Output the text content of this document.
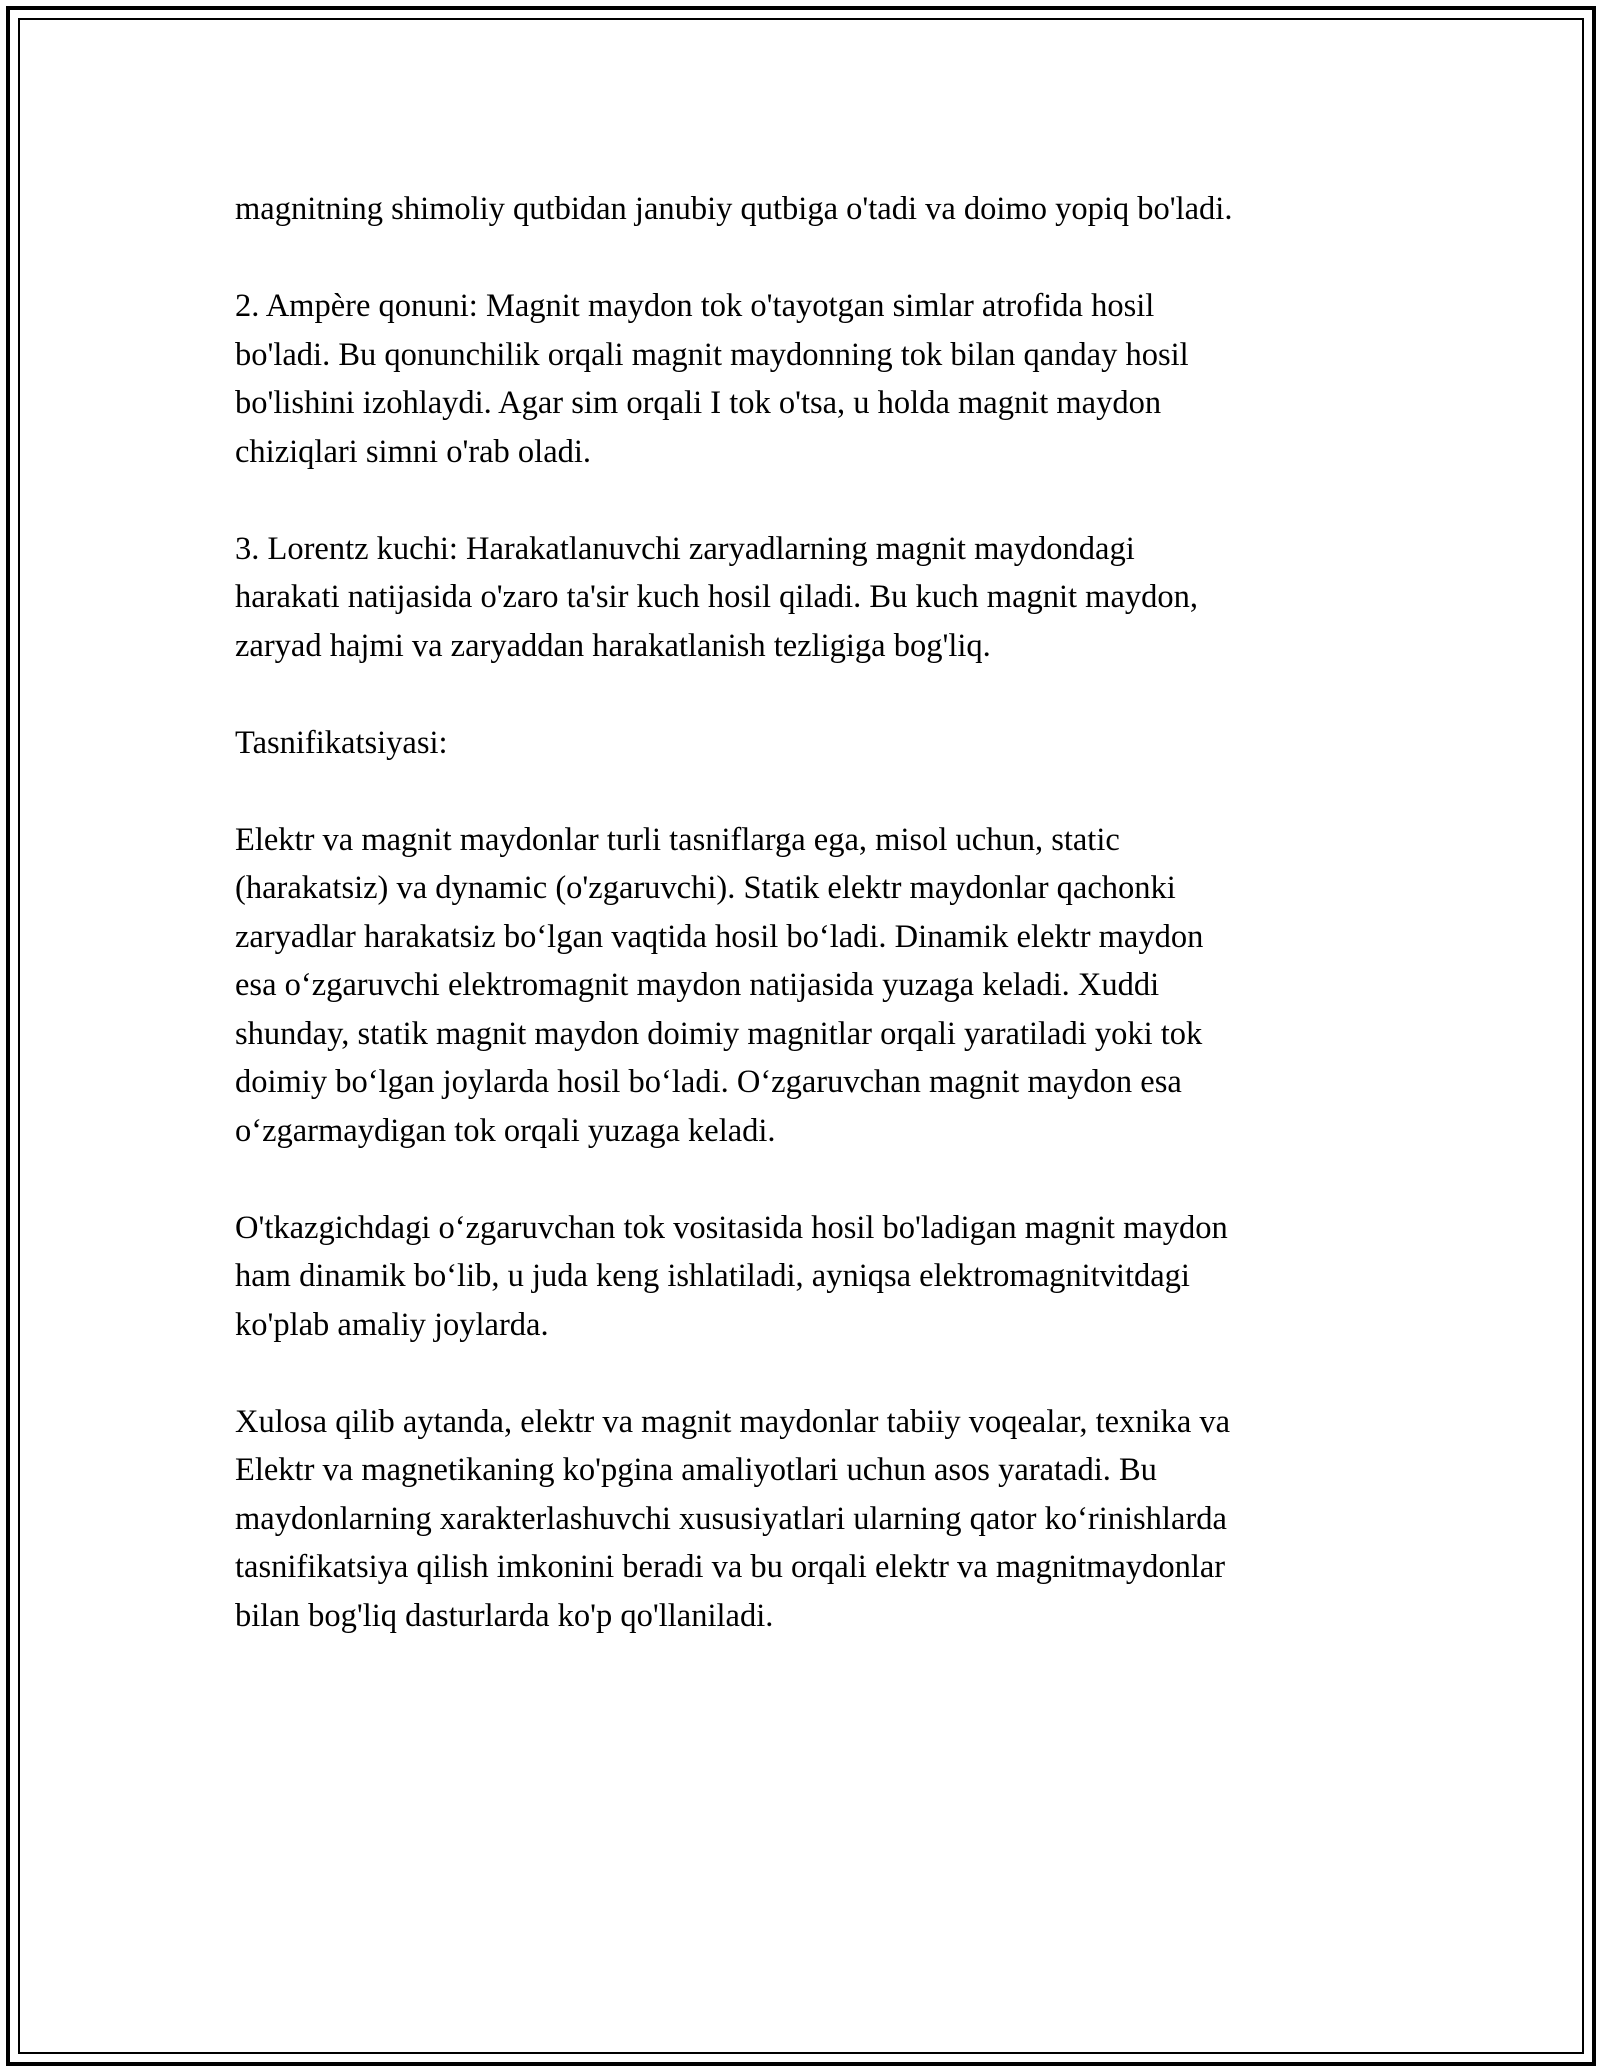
magnitning shimoliy qutbidan janubiy qutbiga o'tadi va doimo yopiq bo'ladi.

2. Ampère qonuni: Magnit maydon tok o'tayotgan simlar atrofida hosil
bo'ladi. Bu qonunchilik orqali magnit maydonning tok bilan qanday hosil
bo'lishini izohlaydi. Agar sim orqali I tok o'tsa, u holda magnit maydon
chiziqlari simni o'rab oladi.

3. Lorentz kuchi: Harakatlanuvchi zaryadlarning magnit maydondagi
harakati natijasida o'zaro ta'sir kuch hosil qiladi. Bu kuch magnit maydon,
zaryad hajmi va zaryaddan harakatlanish tezligiga bog'liq.

Tasnifikatsiyasi:

Elektr va magnit maydonlar turli tasniflarga ega, misol uchun, static
(harakatsiz) va dynamic (o'zgaruvchi). Statik elektr maydonlar qachonki
zaryadlar harakatsiz boʻlgan vaqtida hosil boʻladi. Dinamik elektr maydon
esa oʻzgaruvchi elektromagnit maydon natijasida yuzaga keladi. Xuddi
shunday, statik magnit maydon doimiy magnitlar orqali yaratiladi yoki tok
doimiy boʻlgan joylarda hosil boʻladi. Oʻzgaruvchan magnit maydon esa
oʻzgarmaydigan tok orqali yuzaga keladi.

O'tkazgichdagi oʻzgaruvchan tok vositasida hosil bo'ladigan magnit maydon
ham dinamik boʻlib, u juda keng ishlatiladi, ayniqsa elektromagnitvitdagi
ko'plab amaliy joylarda.

Xulosa qilib aytanda, elektr va magnit maydonlar tabiiy voqealar, texnika va
Elektr va magnetikaning ko'pgina amaliyotlari uchun asos yaratadi. Bu
maydonlarning xarakterlashuvchi xususiyatlari ularning qator koʻrinishlarda
tasnifikatsiya qilish imkonini beradi va bu orqali elektr va magnitmaydonlar
bilan bog'liq dasturlarda ko'p qo'llaniladi.
